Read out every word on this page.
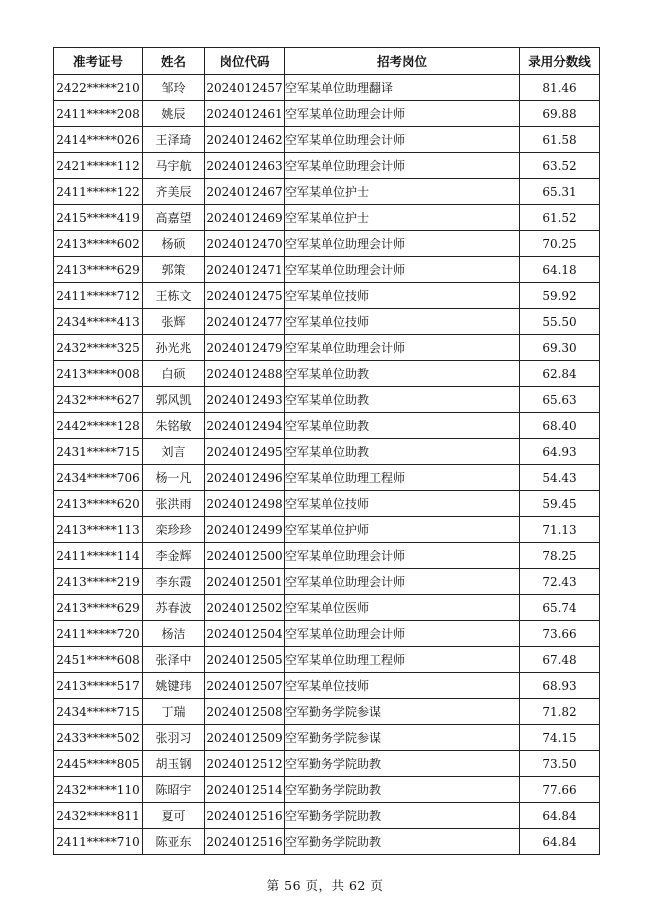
准考证号	姓名	岗位代码	招考岗位	录用分数线
2422*****210	邹玲	2024012457	空军某单位助理翻译	81.46
2411*****208	姚辰	2024012461	空军某单位助理会计师	69.88
2414*****026	王泽琦	2024012462	空军某单位助理会计师	61.58
2421*****112	马宇航	2024012463	空军某单位助理会计师	63.52
2411*****122	齐美辰	2024012467	空军某单位护士	65.31
2415*****419	高嘉望	2024012469	空军某单位护士	61.52
2413*****602	杨硕	2024012470	空军某单位助理会计师	70.25
2413*****629	郭策	2024012471	空军某单位助理会计师	64.18
2411*****712	王栋文	2024012475	空军某单位技师	59.92
2434*****413	张辉	2024012477	空军某单位技师	55.50
2432*****325	孙光兆	2024012479	空军某单位助理会计师	69.30
2413*****008	白硕	2024012488	空军某单位助教	62.84
2432*****627	郭风凯	2024012493	空军某单位助教	65.63
2442*****128	朱铭敏	2024012494	空军某单位助教	68.40
2431*****715	刘言	2024012495	空军某单位助教	64.93
2434*****706	杨一凡	2024012496	空军某单位助理工程师	54.43
2413*****620	张洪雨	2024012498	空军某单位技师	59.45
2413*****113	栾珍珍	2024012499	空军某单位护师	71.13
2411*****114	李金辉	2024012500	空军某单位助理会计师	78.25
2413*****219	李东霞	2024012501	空军某单位助理会计师	72.43
2413*****629	苏春波	2024012502	空军某单位医师	65.74
2411*****720	杨洁	2024012504	空军某单位助理会计师	73.66
2451*****608	张泽中	2024012505	空军某单位助理工程师	67.48
2413*****517	姚键玮	2024012507	空军某单位技师	68.93
2434*****715	丁瑞	2024012508	空军勤务学院参谋	71.82
2433*****502	张羽习	2024012509	空军勤务学院参谋	74.15
2445*****805	胡玉钢	2024012512	空军勤务学院助教	73.50
2432*****110	陈昭宇	2024012514	空军勤务学院助教	77.66
2432*****811	夏可	2024012516	空军勤务学院助教	64.84
2411*****710	陈亚东	2024012516	空军勤务学院助教	64.84
第 56 页，共 62 页
